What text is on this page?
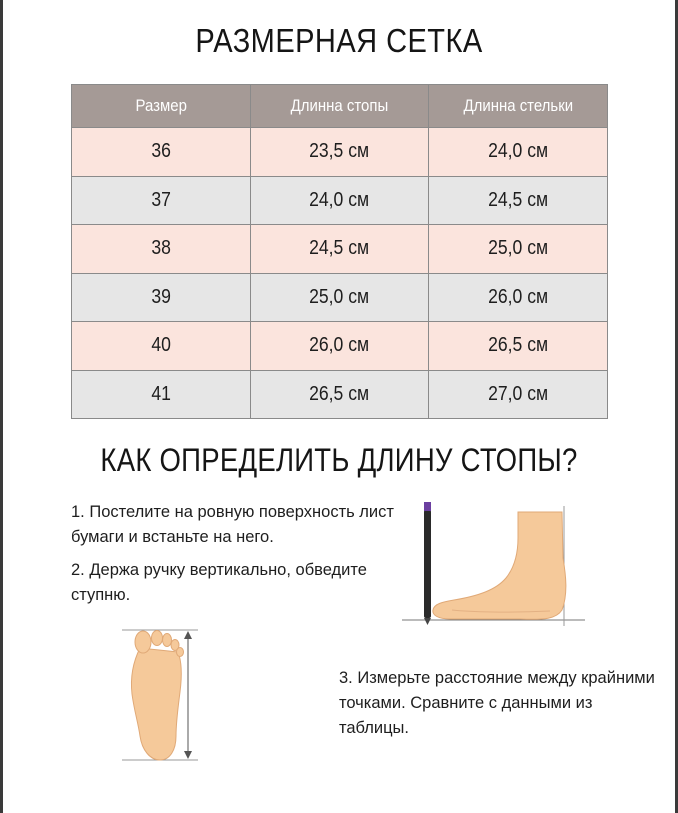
РАЗМЕРНАЯ СЕТКА
Размер	Длинна стопы	Длинна стельки
36	23,5 см	24,0 см
37	24,0 см	24,5 см
38	24,5 см	25,0 см
39	25,0 см	26,0 см
40	26,0 см	26,5 см
41	26,5 см	27,0 см
КАК ОПРЕДЕЛИТЬ ДЛИНУ СТОПЫ?
1. Постелите на ровную поверхность лист бумаги и встаньте на него.
2. Держа ручку вертикально, обведите ступню.
3. Измерьте расстояние между крайними точками. Сравните с данными из таблицы.
